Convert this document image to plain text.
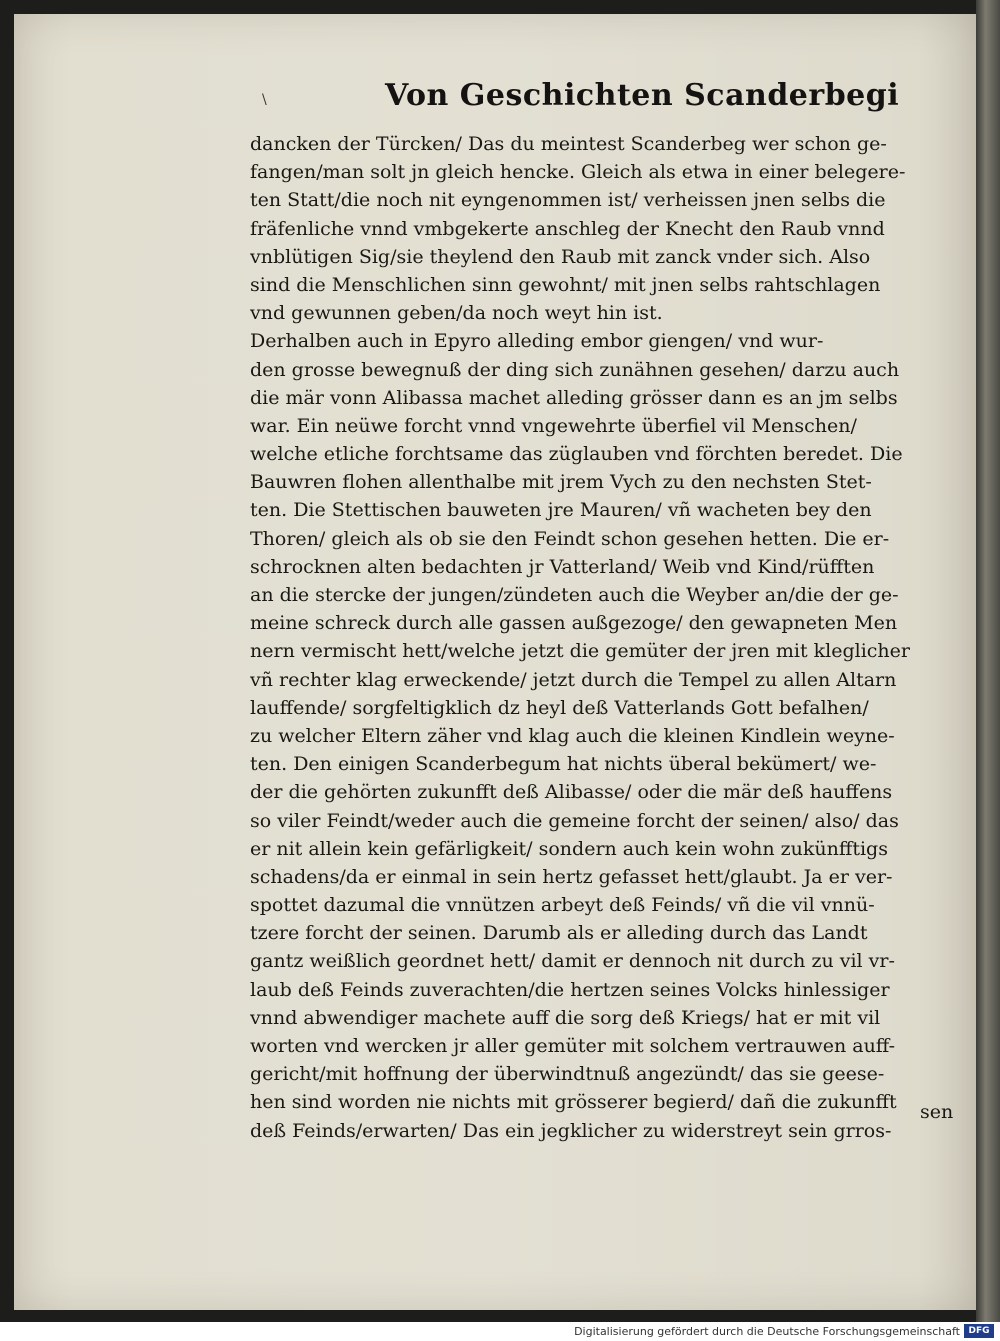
\	Von Geschichten Scanderbegi
dancken der Türcken/ Das du meintest Scanderbeg wer schon ge-
fangen/man solt jn gleich hencke. Gleich als etwa in einer belegere-
ten Statt/die noch nit eyngenommen ist/ verheissen jnen selbs die
fräfenliche vnnd vmbgekerte anschleg der Knecht den Raub vnnd
vnblütigen Sig/sie theylend den Raub mit zanck vnder sich. Also
sind die Menschlichen sinn gewohnt/ mit jnen selbs rahtschlagen
vnd gewunnen geben/da noch weyt hin ist.
Derhalben auch in Epyro alleding embor giengen/ vnd wur-
den grosse bewegnuß der ding sich zunähnen gesehen/ darzu auch
die mär vonn Alibassa machet alleding grösser dann es an jm selbs
war. Ein neüwe forcht vnnd vngewehrte überfiel vil Menschen/
welche etliche forchtsame das züglauben vnd förchten beredet. Die
Bauwren flohen allenthalbe mit jrem Vych zu den nechsten Stet-
ten. Die Stettischen bauweten jre Mauren/ vñ wacheten bey den
Thoren/ gleich als ob sie den Feindt schon gesehen hetten. Die er-
schrocknen alten bedachten jr Vatterland/ Weib vnd Kind/rüfften
an die stercke der jungen/zündeten auch die Weyber an/die der ge-
meine schreck durch alle gassen außgezoge/ den gewapneten Men
nern vermischt hett/welche jetzt die gemüter der jren mit kleglicher
vñ rechter klag erweckende/ jetzt durch die Tempel zu allen Altarn
lauffende/ sorgfeltigklich dz heyl deß Vatterlands Gott befalhen/
zu welcher Eltern zäher vnd klag auch die kleinen Kindlein weyne-
ten. Den einigen Scanderbegum hat nichts überal bekümert/ we-
der die gehörten zukunfft deß Alibasse/ oder die mär deß hauffens
so viler Feindt/weder auch die gemeine forcht der seinen/ also/ das
er nit allein kein gefärligkeit/ sondern auch kein wohn zukünfftigs
schadens/da er einmal in sein hertz gefasset hett/glaubt. Ja er ver-
spottet dazumal die vnnützen arbeyt deß Feinds/ vñ die vil vnnü-
tzere forcht der seinen. Darumb als er alleding durch das Landt
gantz weißlich geordnet hett/ damit er dennoch nit durch zu vil vr-
laub deß Feinds zuverachten/die hertzen seines Volcks hinlessiger
vnnd abwendiger machete auff die sorg deß Kriegs/ hat er mit vil
worten vnd wercken jr aller gemüter mit solchem vertrauwen auff-
gericht/mit hoffnung der überwindtnuß angezündt/ das sie geese-
hen sind worden nie nichts mit grösserer begierd/ dañ die zukunfft
deß Feinds/erwarten/ Das ein jegklicher zu widerstreyt sein grros-
sen
Digitalisierung gefördert durch die Deutsche Forschungsgemeinschaft DFG
